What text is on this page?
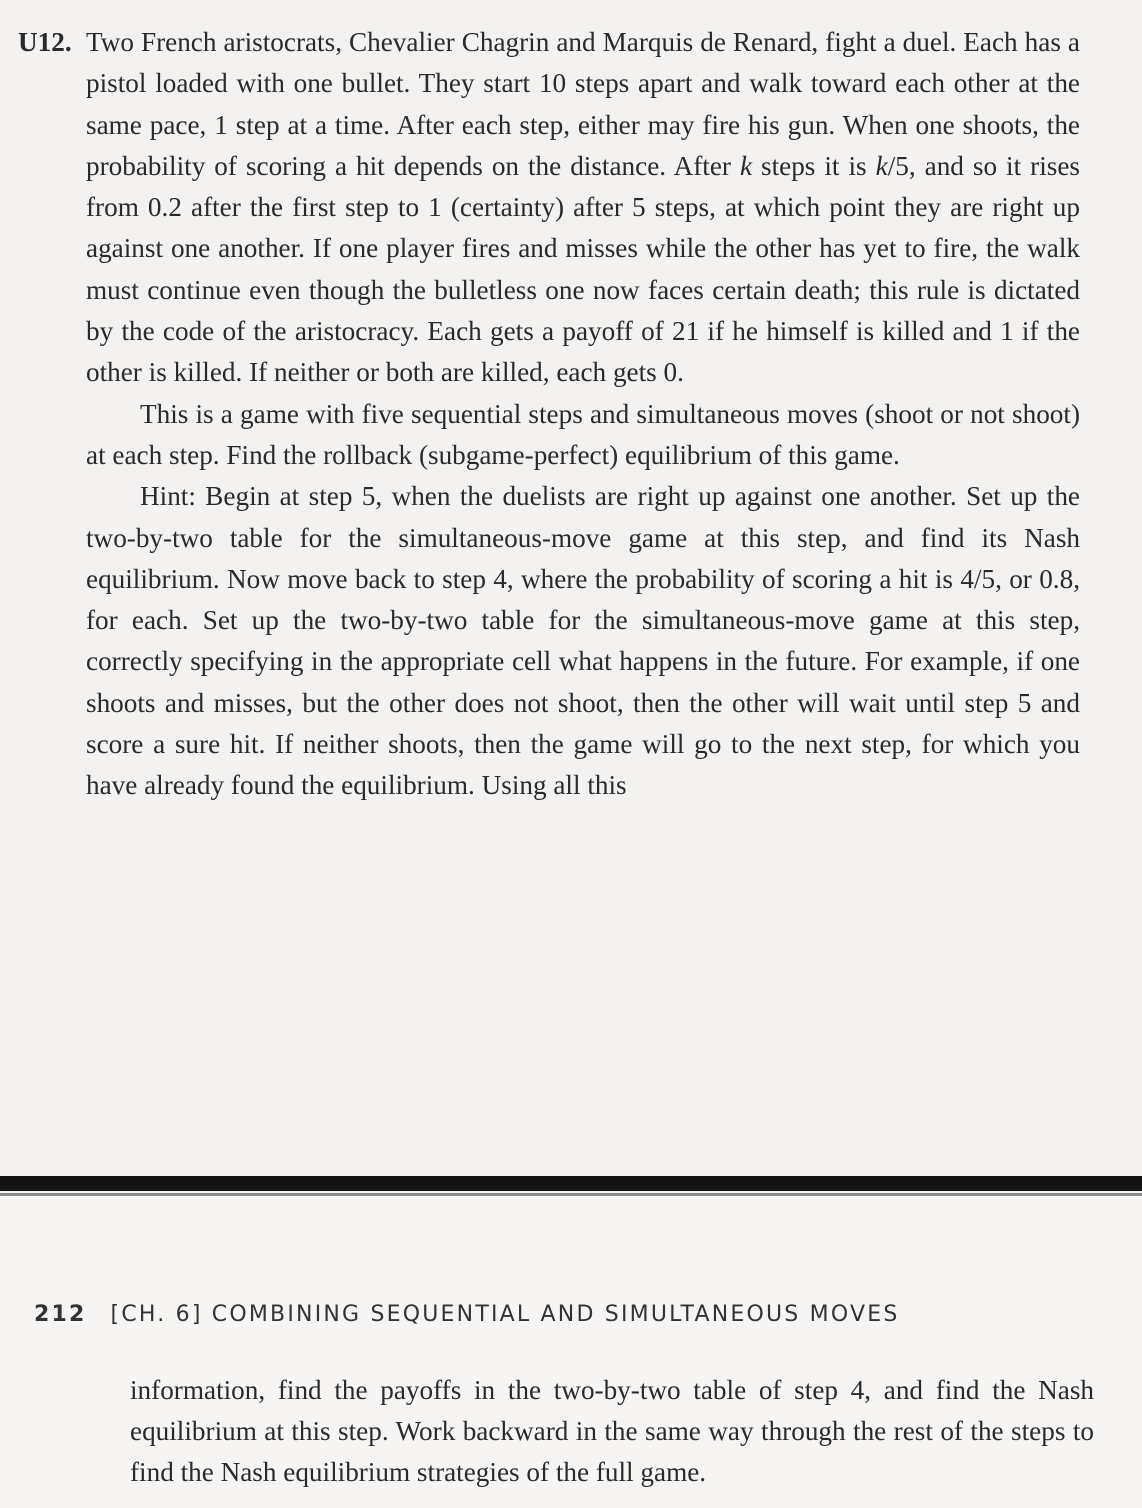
U12. Two French aristocrats, Chevalier Chagrin and Marquis de Renard, fight a duel. Each has a pistol loaded with one bullet. They start 10 steps apart and walk toward each other at the same pace, 1 step at a time. After each step, either may fire his gun. When one shoots, the probability of scoring a hit depends on the distance. After k steps it is k/5, and so it rises from 0.2 after the first step to 1 (certainty) after 5 steps, at which point they are right up against one another. If one player fires and misses while the other has yet to fire, the walk must continue even though the bulletless one now faces certain death; this rule is dictated by the code of the aristocracy. Each gets a payoff of 21 if he himself is killed and 1 if the other is killed. If neither or both are killed, each gets 0.

This is a game with five sequential steps and simultaneous moves (shoot or not shoot) at each step. Find the rollback (subgame-perfect) equilibrium of this game.

Hint: Begin at step 5, when the duelists are right up against one another. Set up the two-by-two table for the simultaneous-move game at this step, and find its Nash equilibrium. Now move back to step 4, where the probability of scoring a hit is 4/5, or 0.8, for each. Set up the two-by-two table for the simultaneous-move game at this step, correctly specifying in the appropriate cell what happens in the future. For example, if one shoots and misses, but the other does not shoot, then the other will wait until step 5 and score a sure hit. If neither shoots, then the game will go to the next step, for which you have already found the equilibrium. Using all this

212 [CH. 6] COMBINING SEQUENTIAL AND SIMULTANEOUS MOVES

information, find the payoffs in the two-by-two table of step 4, and find the Nash equilibrium at this step. Work backward in the same way through the rest of the steps to find the Nash equilibrium strategies of the full game.
